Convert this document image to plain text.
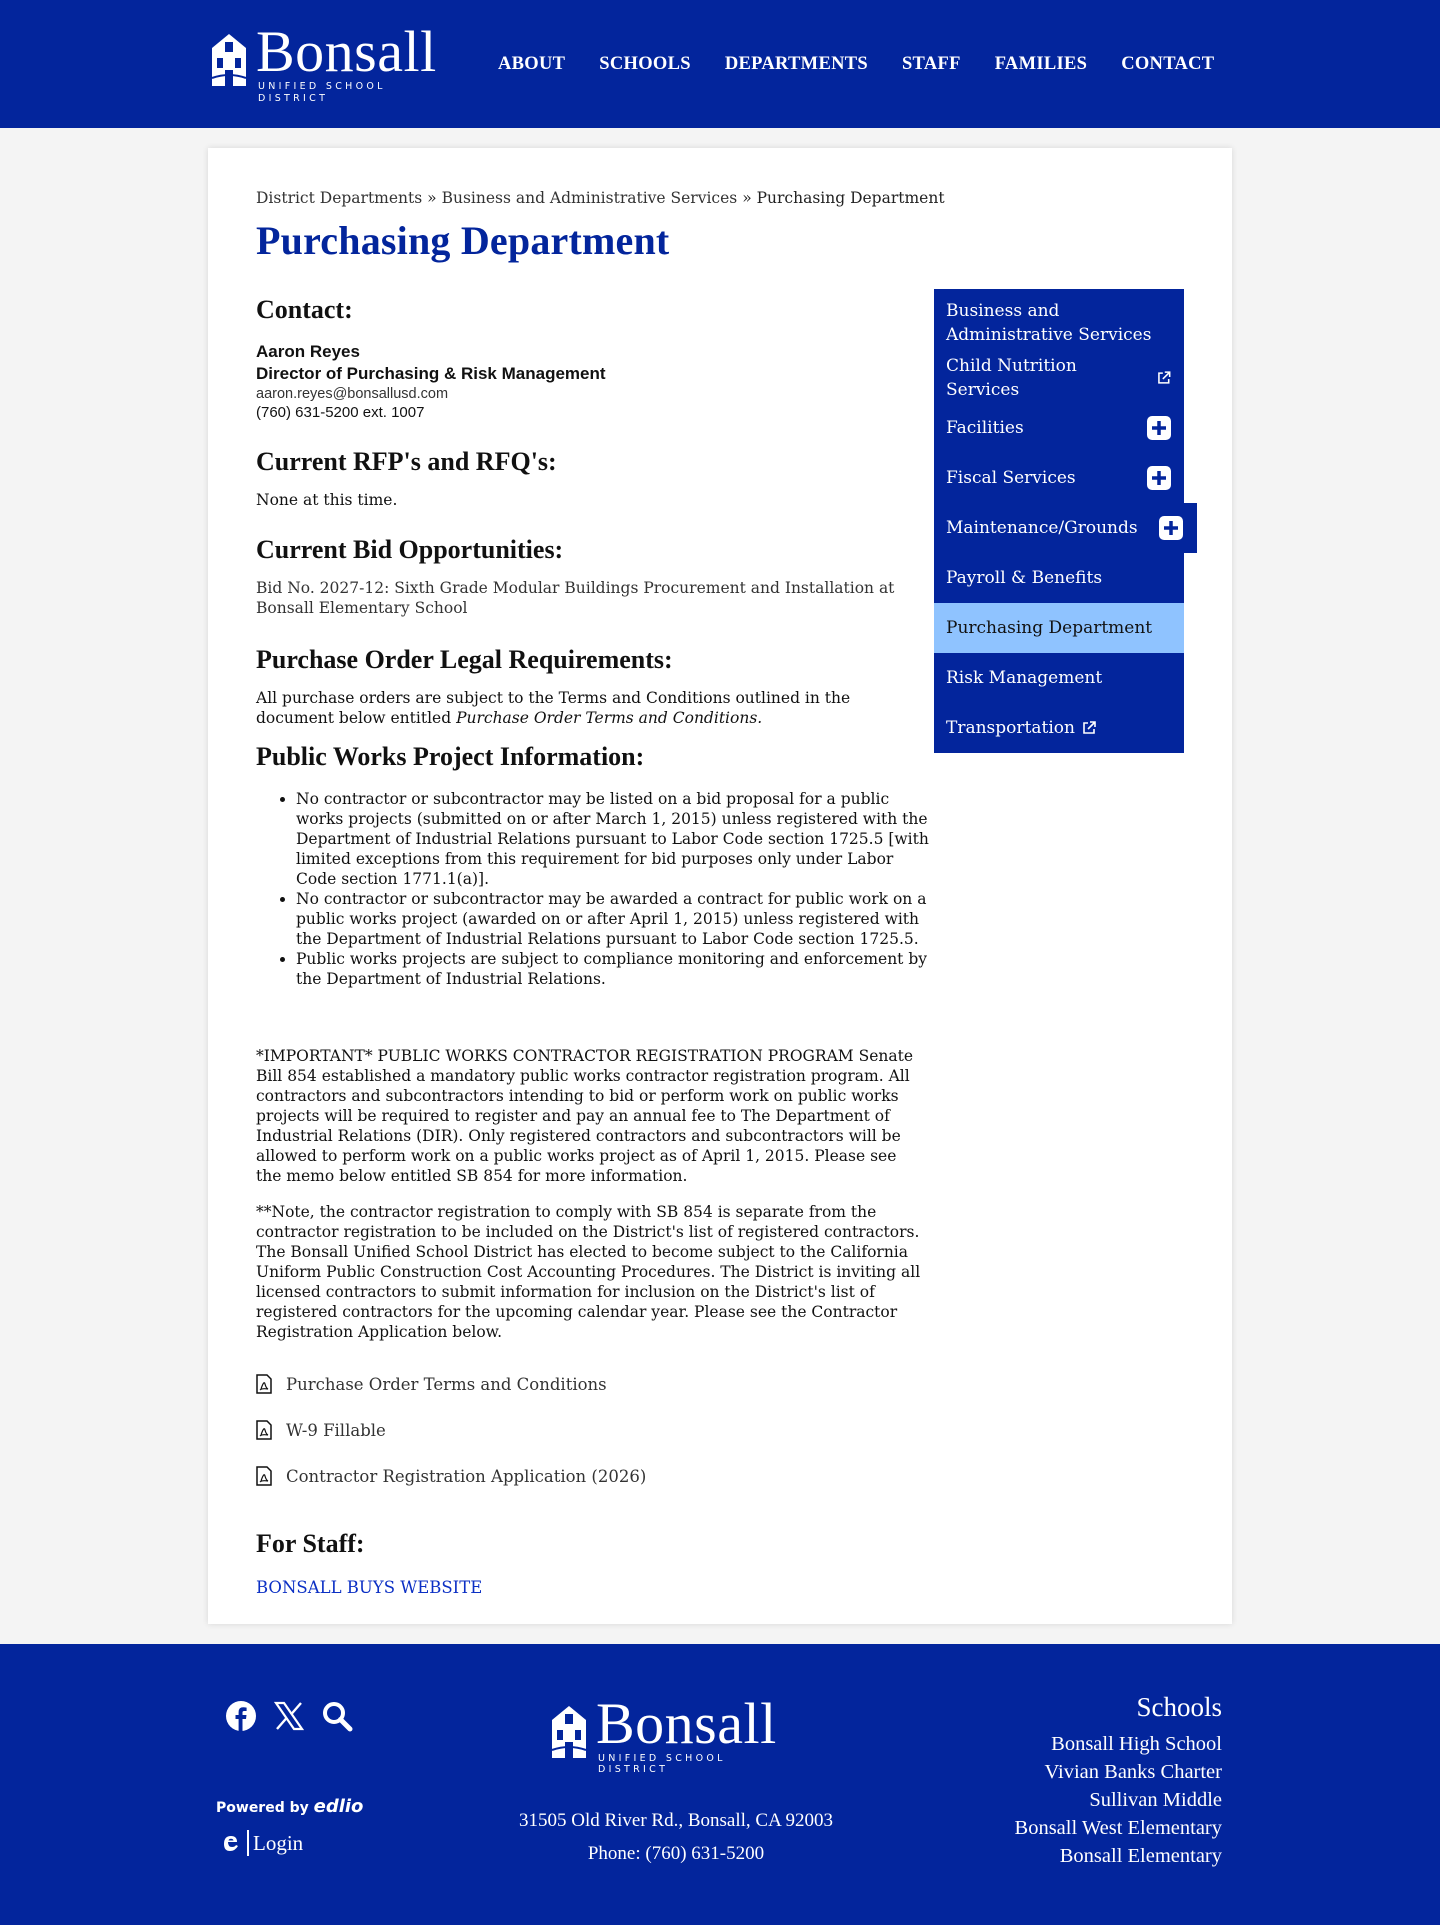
Bonsall
UNIFIED SCHOOL DISTRICT
ABOUT SCHOOLS DEPARTMENTS STAFF FAMILIES CONTACT
District Departments » Business and Administrative Services » Purchasing Department
Purchasing Department
Contact:
Aaron Reyes
Director of Purchasing & Risk Management
aaron.reyes@bonsallusd.com
(760) 631-5200 ext. 1007
Current RFP's and RFQ's:
None at this time.
Current Bid Opportunities:
Bid No. 2027-12: Sixth Grade Modular Buildings Procurement and Installation at Bonsall Elementary School
Purchase Order Legal Requirements:
All purchase orders are subject to the Terms and Conditions outlined in the document below entitled Purchase Order Terms and Conditions.
Public Works Project Information:
• No contractor or subcontractor may be listed on a bid proposal for a public works projects (submitted on or after March 1, 2015) unless registered with the Department of Industrial Relations pursuant to Labor Code section 1725.5 [with limited exceptions from this requirement for bid purposes only under Labor Code section 1771.1(a)].
• No contractor or subcontractor may be awarded a contract for public work on a public works project (awarded on or after April 1, 2015) unless registered with the Department of Industrial Relations pursuant to Labor Code section 1725.5.
• Public works projects are subject to compliance monitoring and enforcement by the Department of Industrial Relations.
*IMPORTANT* PUBLIC WORKS CONTRACTOR REGISTRATION PROGRAM Senate Bill 854 established a mandatory public works contractor registration program. All contractors and subcontractors intending to bid or perform work on public works projects will be required to register and pay an annual fee to The Department of Industrial Relations (DIR). Only registered contractors and subcontractors will be allowed to perform work on a public works project as of April 1, 2015. Please see the memo below entitled SB 854 for more information.
**Note, the contractor registration to comply with SB 854 is separate from the contractor registration to be included on the District's list of registered contractors. The Bonsall Unified School District has elected to become subject to the California Uniform Public Construction Cost Accounting Procedures. The District is inviting all licensed contractors to submit information for inclusion on the District's list of registered contractors for the upcoming calendar year. Please see the Contractor Registration Application below.
Purchase Order Terms and Conditions
W-9 Fillable
Contractor Registration Application (2026)
For Staff:
BONSALL BUYS WEBSITE
Business and Administrative Services
Child Nutrition Services
Facilities
Fiscal Services
Maintenance/Grounds
Payroll & Benefits
Purchasing Department
Risk Management
Transportation
Powered by edlio
Login
Bonsall
UNIFIED SCHOOL DISTRICT
31505 Old River Rd., Bonsall, CA 92003
Phone: (760) 631-5200
Schools
Bonsall High School
Vivian Banks Charter
Sullivan Middle
Bonsall West Elementary
Bonsall Elementary
